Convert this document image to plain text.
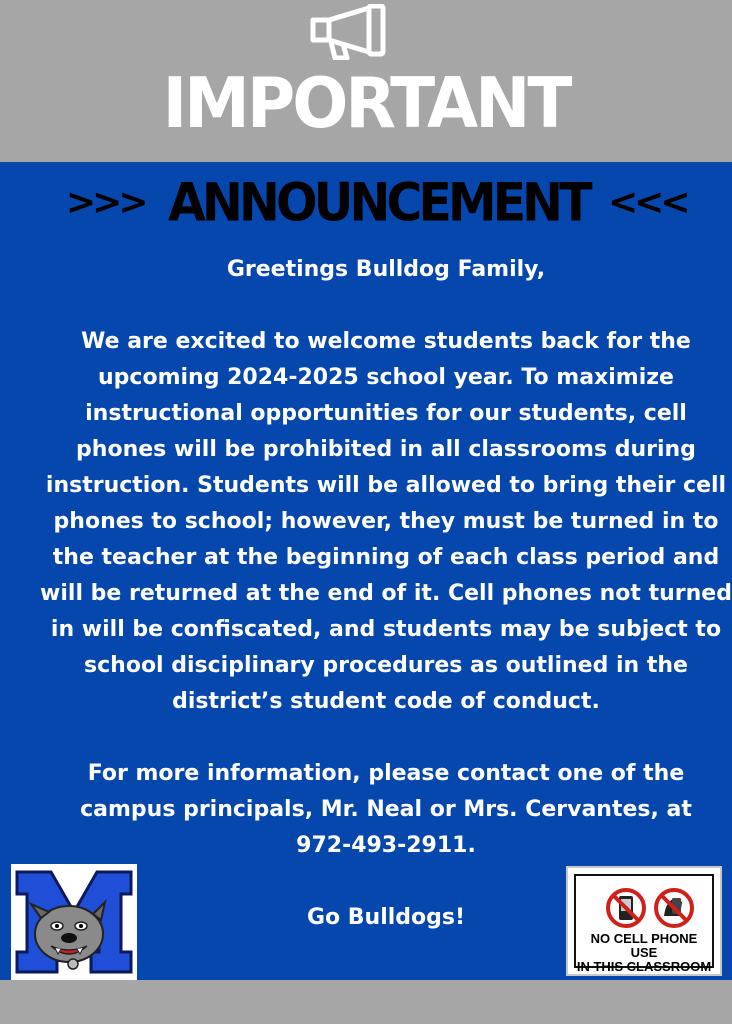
IMPORTANT
>>> ANNOUNCEMENT <<<

Greetings Bulldog Family,

We are excited to welcome students back for the upcoming 2024-2025 school year. To maximize instructional opportunities for our students, cell phones will be prohibited in all classrooms during instruction. Students will be allowed to bring their cell phones to school; however, they must be turned in to the teacher at the beginning of each class period and will be returned at the end of it. Cell phones not turned in will be confiscated, and students may be subject to school disciplinary procedures as outlined in the district’s student code of conduct.

For more information, please contact one of the campus principals, Mr. Neal or Mrs. Cervantes, at 972-493-2911.

Go Bulldogs!

NO CELL PHONE USE
IN THIS CLASSROOM
